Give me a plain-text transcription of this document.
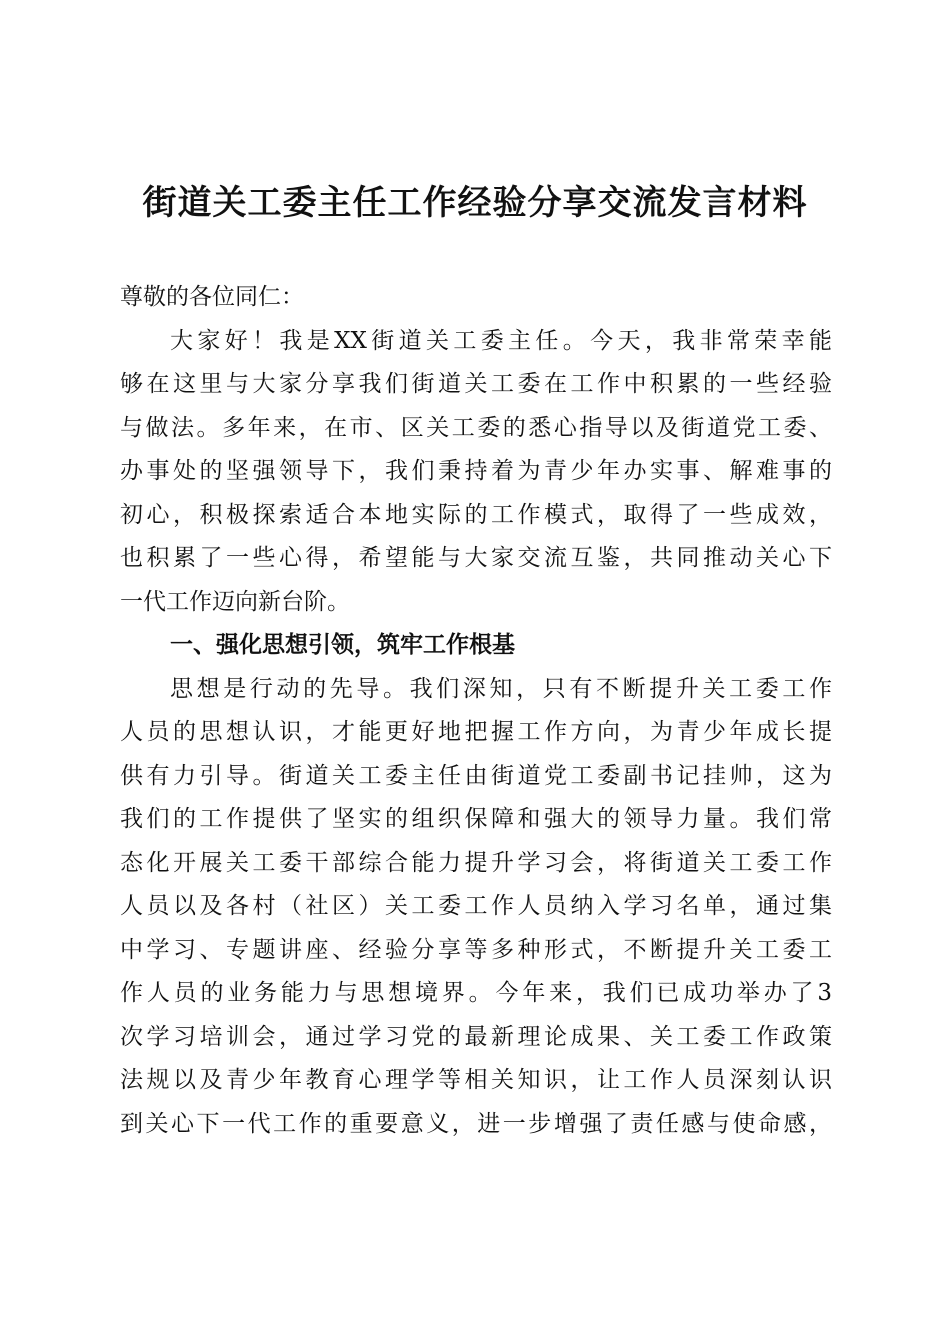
街道关工委主任工作经验分享交流发言材料
尊敬的各位同仁：
大家好！我是XX街道关工委主任。今天，我非常荣幸能
够在这里与大家分享我们街道关工委在工作中积累的一些经验
与做法。多年来，在市、区关工委的悉心指导以及街道党工委、
办事处的坚强领导下，我们秉持着为青少年办实事、解难事的
初心，积极探索适合本地实际的工作模式，取得了一些成效，
也积累了一些心得，希望能与大家交流互鉴，共同推动关心下
一代工作迈向新台阶。
一、强化思想引领，筑牢工作根基
思想是行动的先导。我们深知，只有不断提升关工委工作
人员的思想认识，才能更好地把握工作方向，为青少年成长提
供有力引导。街道关工委主任由街道党工委副书记挂帅，这为
我们的工作提供了坚实的组织保障和强大的领导力量。我们常
态化开展关工委干部综合能力提升学习会，将街道关工委工作
人员以及各村（社区）关工委工作人员纳入学习名单，通过集
中学习、专题讲座、经验分享等多种形式，不断提升关工委工
作人员的业务能力与思想境界。今年来，我们已成功举办了3
次学习培训会，通过学习党的最新理论成果、关工委工作政策
法规以及青少年教育心理学等相关知识，让工作人员深刻认识
到关心下一代工作的重要意义，进一步增强了责任感与使命感，
